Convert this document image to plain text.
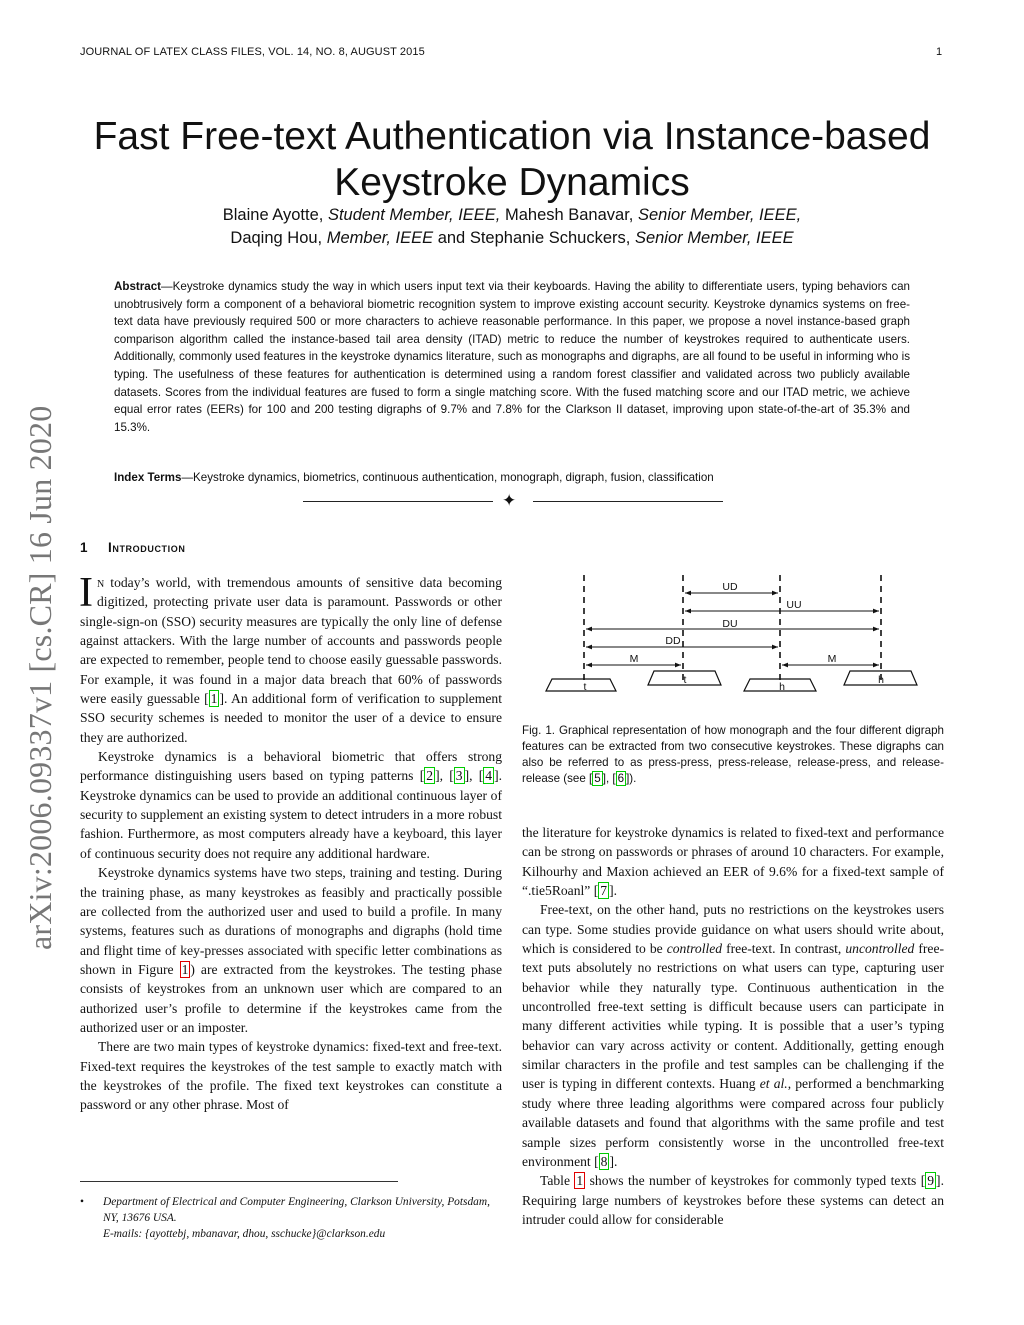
JOURNAL OF LATEX CLASS FILES, VOL. 14, NO. 8, AUGUST 2015	1
Fast Free-text Authentication via Instance-based Keystroke Dynamics
Blaine Ayotte, Student Member, IEEE, Mahesh Banavar, Senior Member, IEEE,
Daqing Hou, Member, IEEE and Stephanie Schuckers, Senior Member, IEEE
Abstract—Keystroke dynamics study the way in which users input text via their keyboards. Having the ability to differentiate users, typing behaviors can unobtrusively form a component of a behavioral biometric recognition system to improve existing account security. Keystroke dynamics systems on free-text data have previously required 500 or more characters to achieve reasonable performance. In this paper, we propose a novel instance-based graph comparison algorithm called the instance-based tail area density (ITAD) metric to reduce the number of keystrokes required to authenticate users. Additionally, commonly used features in the keystroke dynamics literature, such as monographs and digraphs, are all found to be useful in informing who is typing. The usefulness of these features for authentication is determined using a random forest classifier and validated across two publicly available datasets. Scores from the individual features are fused to form a single matching score. With the fused matching score and our ITAD metric, we achieve equal error rates (EERs) for 100 and 200 testing digraphs of 9.7% and 7.8% for the Clarkson II dataset, improving upon state-of-the-art of 35.3% and 15.3%.
Index Terms—Keystroke dynamics, biometrics, continuous authentication, monograph, digraph, fusion, classification
✦
arXiv:2006.09337v1 [cs.CR] 16 Jun 2020 1 Introduction

In today’s world, with tremendous amounts of sensitive data becoming digitized, protecting private user data is paramount. Passwords or other single-sign-on (SSO) security measures are typically the only line of defense against attackers. With the large number of accounts and passwords people are expected to remember, people tend to choose easily guessable passwords. For example, it was found in a major data breach that 60% of passwords were easily guessable [ 1 ]. An additional form of verification to supplement SSO security schemes is needed to monitor the user of a device to ensure they are authorized.

Keystroke dynamics is a behavioral biometric that offers strong performance distinguishing users based on typing patterns [ 2 ], [ 3 ], [ 4 ]. Keystroke dynamics can be used to provide an additional continuous layer of security to supplement an existing system to detect intruders in a more robust fashion. Furthermore, as most computers already have a keyboard, this layer of continuous security does not require any additional hardware.

Keystroke dynamics systems have two steps, training and testing. During the training phase, as many keystrokes as feasibly and practically possible are collected from the authorized user and used to build a profile. In many systems, features such as durations of monographs and digraphs (hold time and flight time of key-presses associated with specific letter combinations as shown in Figure 1 ) are extracted from the keystrokes. The testing phase consists of keystrokes from an unknown user which are compared to an authorized user’s profile to determine if the keystrokes came from the authorized user or an imposter.

There are two main types of keystroke dynamics: fixed-text and free-text. Fixed-text requires the keystrokes of the test sample to exactly match with the keystrokes of the profile. The fixed text keystrokes can constitute a password or any other phrase. Most of

• Department of Electrical and Computer Engineering, Clarkson University, Potsdam, NY, 13676 USA.
E-mails: {ayottebj, mbanavar, dhou, sschucke}@clarkson.edu
UD
UU
DU
DD
M	M
t
t
h
h
Fig. 1. Graphical representation of how monograph and the four different digraph features can be extracted from two consecutive keystrokes. These digraphs can also be referred to as press-press, press-release, release-press, and release-release (see [ 5 ], [ 6 ]).

the literature for keystroke dynamics is related to fixed-text and performance can be strong on passwords or phrases of around 10 characters. For example, Kilhourhy and Maxion achieved an EER of 9.6% for a fixed-text sample of “.tie5Roanl” [ 7 ].

Free-text, on the other hand, puts no restrictions on the keystrokes users can type. Some studies provide guidance on what users should write about, which is considered to be controlled free-text. In contrast, uncontrolled free-text puts absolutely no restrictions on what users can type, capturing user behavior while they naturally type. Continuous authentication in the uncontrolled free-text setting is difficult because users can participate in many different activities while typing. It is possible that a user’s typing behavior can vary across activity or content. Additionally, getting enough similar characters in the profile and test samples can be challenging if the user is typing in different contexts. Huang et al., performed a benchmarking study where three leading algorithms were compared across four publicly available datasets and found that algorithms with the same profile and test sample sizes perform consistently worse in the uncontrolled free-text environment [ 8 ].

Table 1 shows the number of keystrokes for commonly typed texts [ 9 ]. Requiring large numbers of keystrokes before these systems can detect an intruder could allow for considerable
